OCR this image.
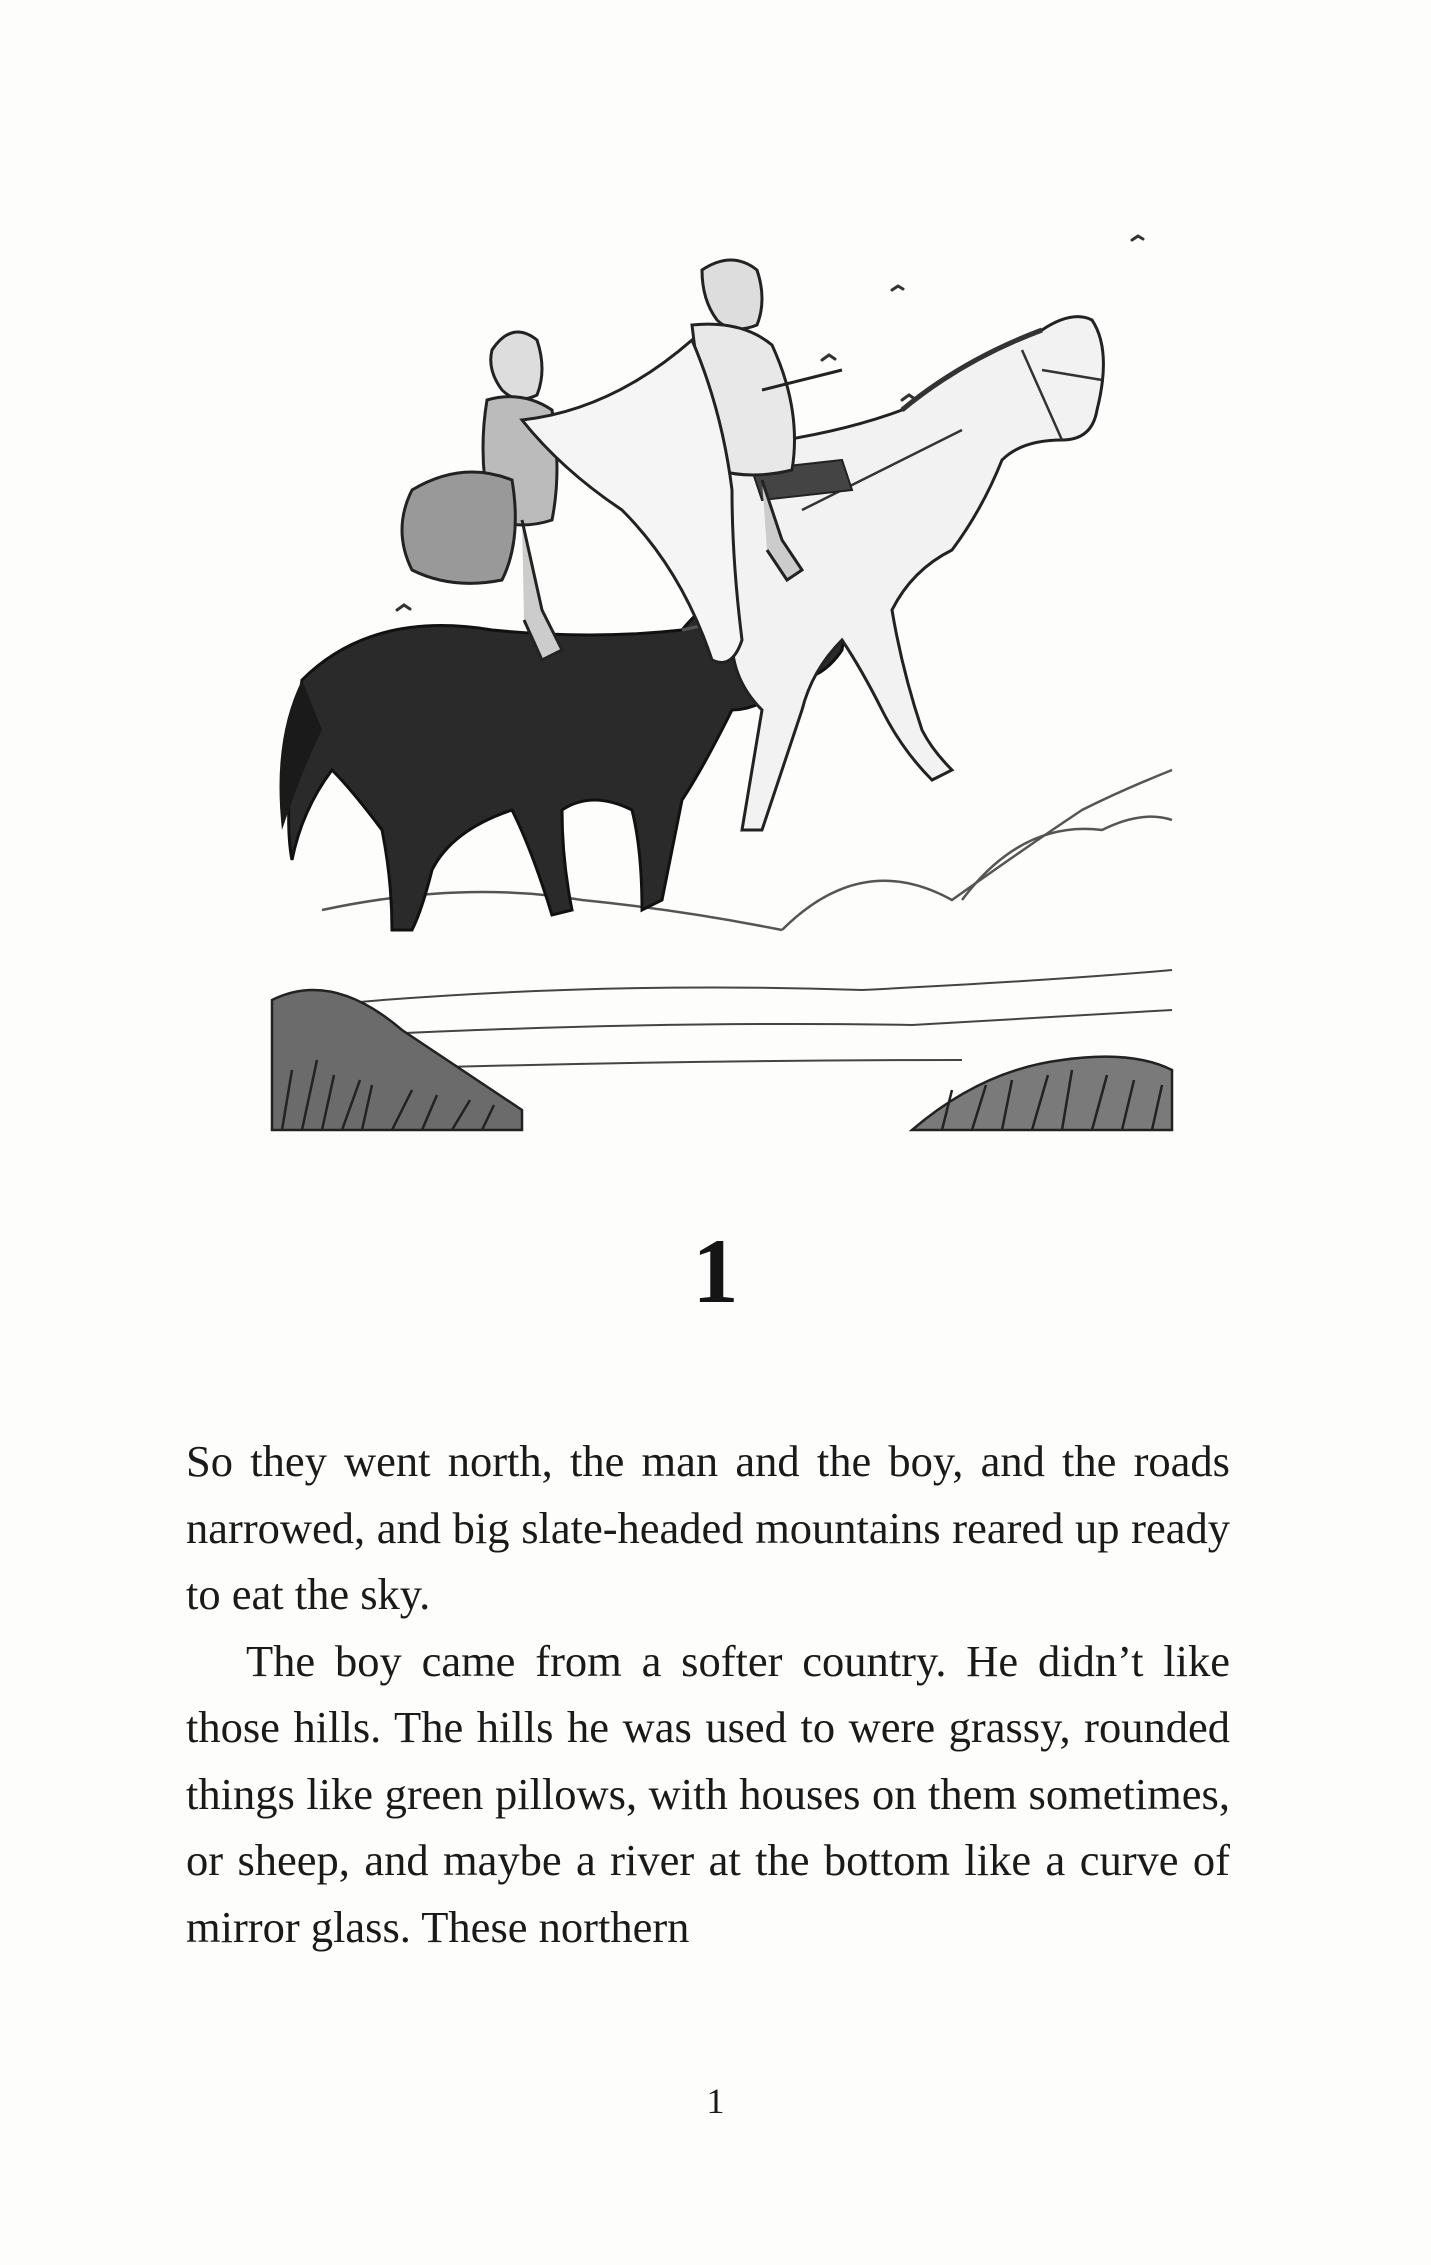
1

So they went north, the man and the boy, and the roads narrowed, and big slate-headed mountains reared up ready to eat the sky.

The boy came from a softer country. He didn’t like those hills. The hills he was used to were grassy, rounded things like green pillows, with houses on them sometimes, or sheep, and maybe a river at the bottom like a curve of mirror glass. These northern

1
